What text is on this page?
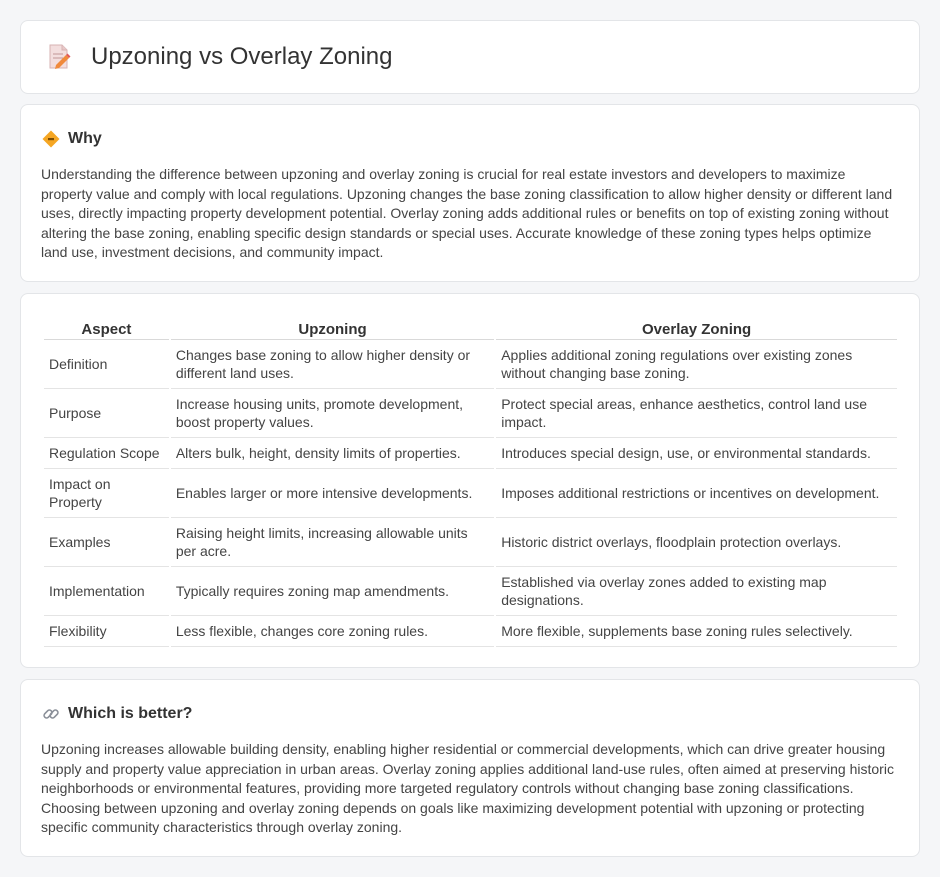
Upzoning vs Overlay Zoning
Why

Understanding the difference between upzoning and overlay zoning is crucial for real estate investors and developers to maximize property value and comply with local regulations. Upzoning changes the base zoning classification to allow higher density or different land uses, directly impacting property development potential. Overlay zoning adds additional rules or benefits on top of existing zoning without altering the base zoning, enabling specific design standards or special uses. Accurate knowledge of these zoning types helps optimize land use, investment decisions, and community impact.

Aspect	Upzoning	Overlay Zoning
Definition	Changes base zoning to allow higher density or different land uses.	Applies additional zoning regulations over existing zones without changing base zoning.
Purpose	Increase housing units, promote development, boost property values.	Protect special areas, enhance aesthetics, control land use impact.
Regulation Scope	Alters bulk, height, density limits of properties.	Introduces special design, use, or environmental standards.
Impact on Property	Enables larger or more intensive developments.	Imposes additional restrictions or incentives on development.
Examples	Raising height limits, increasing allowable units per acre.	Historic district overlays, floodplain protection overlays.
Implementation	Typically requires zoning map amendments.	Established via overlay zones added to existing map designations.
Flexibility	Less flexible, changes core zoning rules.	More flexible, supplements base zoning rules selectively.
Which is better?

Upzoning increases allowable building density, enabling higher residential or commercial developments, which can drive greater housing supply and property value appreciation in urban areas. Overlay zoning applies additional land-use rules, often aimed at preserving historic neighborhoods or environmental features, providing more targeted regulatory controls without changing base zoning classifications. Choosing between upzoning and overlay zoning depends on goals like maximizing development potential with upzoning or protecting specific community characteristics through overlay zoning.
